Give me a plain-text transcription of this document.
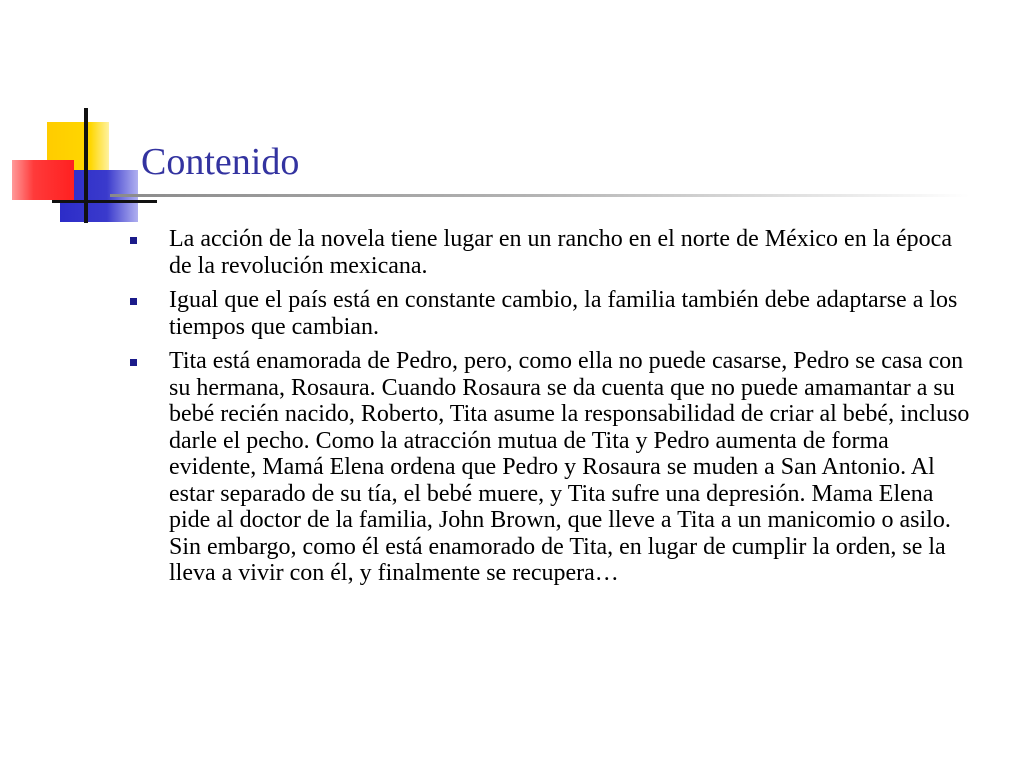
Contenido
La acción de la novela tiene lugar en un rancho en el norte de México en la época de la revolución mexicana.
Igual que el país está en constante cambio, la familia también debe adaptarse a los tiempos que cambian.
Tita está enamorada de Pedro, pero, como ella no puede casarse, Pedro se casa con su hermana, Rosaura. Cuando Rosaura se da cuenta que no puede amamantar a su bebé recién nacido, Roberto, Tita asume la responsabilidad de criar al bebé, incluso darle el pecho. Como la atracción mutua de Tita y Pedro aumenta de forma evidente, Mamá Elena ordena que Pedro y Rosaura se muden a San Antonio. Al estar separado de su tía, el bebé muere, y Tita sufre una depresión. Mama Elena pide al doctor de la familia, John Brown, que lleve a Tita a un manicomio o asilo. Sin embargo, como él está enamorado de Tita, en lugar de cumplir la orden, se la lleva a vivir con él, y finalmente se recupera…
